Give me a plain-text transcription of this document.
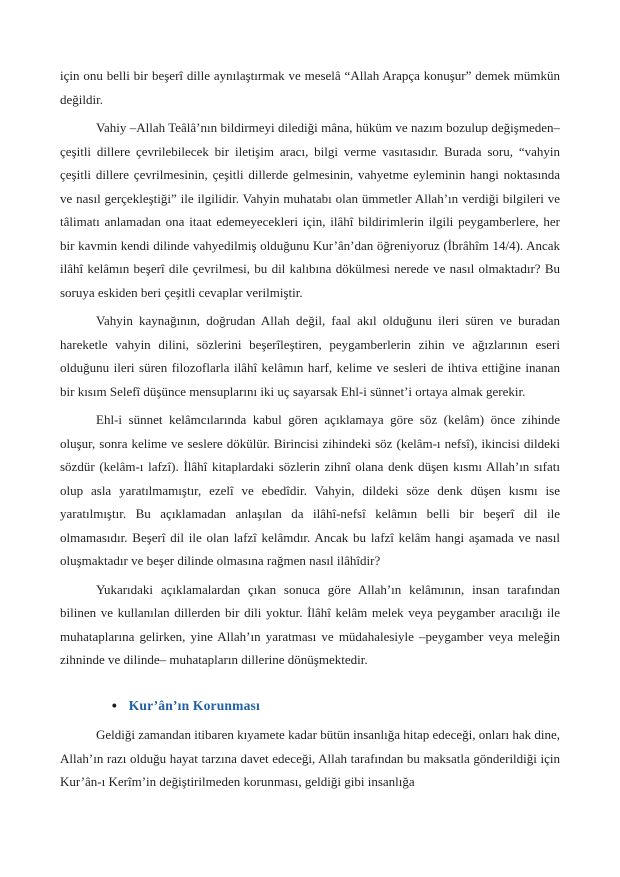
için onu belli bir beşerî dille aynılaştırmak ve meselâ “Allah Arapça konuşur” demek mümkün değildir.

Vahiy –Allah Teâlâ’nın bildirmeyi dilediği mâna, hüküm ve nazım bozulup değişmeden– çeşitli dillere çevrilebilecek bir iletişim aracı, bilgi verme vasıtasıdır. Burada soru, “vahyin çeşitli dillere çevrilmesinin, çeşitli dillerde gelmesinin, vahyetme eyleminin hangi noktasında ve nasıl gerçekleştiği” ile ilgilidir. Vahyin muhatabı olan ümmetler Allah’ın verdiği bilgileri ve tâlimatı anlamadan ona itaat edemeyecekleri için, ilâhî bildirimlerin ilgili peygamberlere, her bir kavmin kendi dilinde vahyedilmiş olduğunu Kur’ân’dan öğreniyoruz (İbrâhîm 14/4). Ancak ilâhî kelâmın beşerî dile çevrilmesi, bu dil kalıbına dökülmesi nerede ve nasıl olmaktadır? Bu soruya eskiden beri çeşitli cevaplar verilmiştir.

Vahyin kaynağının, doğrudan Allah değil, faal akıl olduğunu ileri süren ve buradan hareketle vahyin dilini, sözlerini beşerîleştiren, peygamberlerin zihin ve ağızlarının eseri olduğunu ileri süren filozoflarla ilâhî kelâmın harf, kelime ve sesleri de ihtiva ettiğine inanan bir kısım Selefî düşünce mensuplarını iki uç sayarsak Ehl-i sünnet’i ortaya almak gerekir.

Ehl-i sünnet kelâmcılarında kabul gören açıklamaya göre söz (kelâm) önce zihinde oluşur, sonra kelime ve seslere dökülür. Birincisi zihindeki söz (kelâm-ı nefsî), ikincisi dildeki sözdür (kelâm-ı lafzî). İlâhî kitaplardaki sözlerin zihnî olana denk düşen kısmı Allah’ın sıfatı olup asla yaratılmamıştır, ezelî ve ebedîdir. Vahyin, dildeki söze denk düşen kısmı ise yaratılmıştır. Bu açıklamadan anlaşılan da ilâhî-nefsî kelâmın belli bir beşerî dil ile olmamasıdır. Beşerî dil ile olan lafzî kelâmdır. Ancak bu lafzî kelâm hangi aşamada ve nasıl oluşmaktadır ve beşer dilinde olmasına rağmen nasıl ilâhîdir?

Yukarıdaki açıklamalardan çıkan sonuca göre Allah’ın kelâmının, insan tarafından bilinen ve kullanılan dillerden bir dili yoktur. İlâhî kelâm melek veya peygamber aracılığı ile muhataplarına gelirken, yine Allah’ın yaratması ve müdahalesiyle –peygamber veya meleğin zihninde ve dilinde– muhatapların dillerine dönüşmektedir.

• Kur’ân’ın Korunması

Geldiği zamandan itibaren kıyamete kadar bütün insanlığa hitap edeceği, onları hak dine, Allah’ın razı olduğu hayat tarzına davet edeceği, Allah tarafından bu maksatla gönderildiği için Kur’ân-ı Kerîm’in değiştirilmeden korunması, geldiği gibi insanlığa
